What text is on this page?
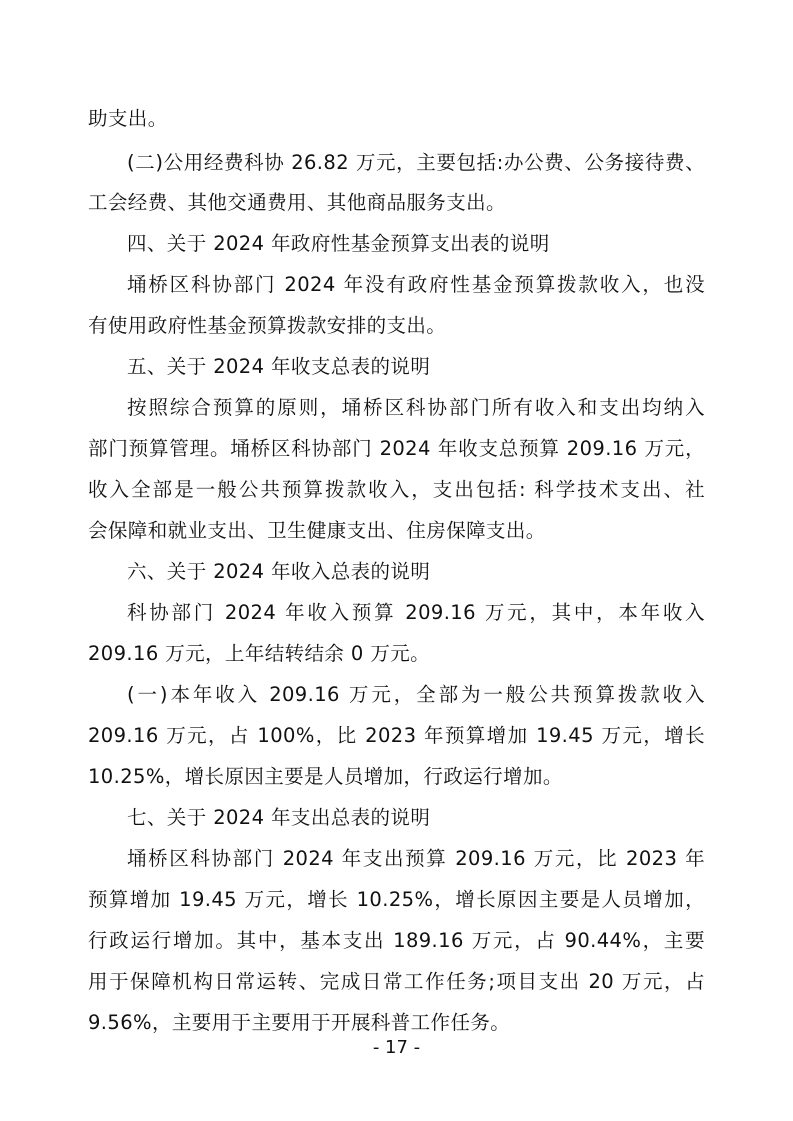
助支出。
(二)公用经费科协 26.82 万元，主要包括:办公费、公务接待费、
工会经费、其他交通费用、其他商品服务支出。
四、关于 2024 年政府性基金预算支出表的说明
埇桥区科协部门 2024 年没有政府性基金预算拨款收入，也没
有使用政府性基金预算拨款安排的支出。
五、关于 2024 年收支总表的说明
按照综合预算的原则，埇桥区科协部门所有收入和支出均纳入
部门预算管理。埇桥区科协部门 2024 年收支总预算 209.16 万元，
收入全部是一般公共预算拨款收入，支出包括: 科学技术支出、社
会保障和就业支出、卫生健康支出、住房保障支出。
六、关于 2024 年收入总表的说明
科协部门 2024 年收入预算 209.16 万元，其中，本年收入
209.16 万元，上年结转结余 0 万元。
(一)本年收入 209.16 万元，全部为一般公共预算拨款收入
209.16 万元，占 100%，比 2023 年预算增加 19.45 万元，增长
10.25%，增长原因主要是人员增加，行政运行增加。
七、关于 2024 年支出总表的说明
埇桥区科协部门 2024 年支出预算 209.16 万元，比 2023 年
预算增加 19.45 万元，增长 10.25%，增长原因主要是人员增加，
行政运行增加。其中，基本支出 189.16 万元，占 90.44%，主要
用于保障机构日常运转、完成日常工作任务;项目支出 20 万元，占
9.56%，主要用于主要用于开展科普工作任务。
- 17 -
